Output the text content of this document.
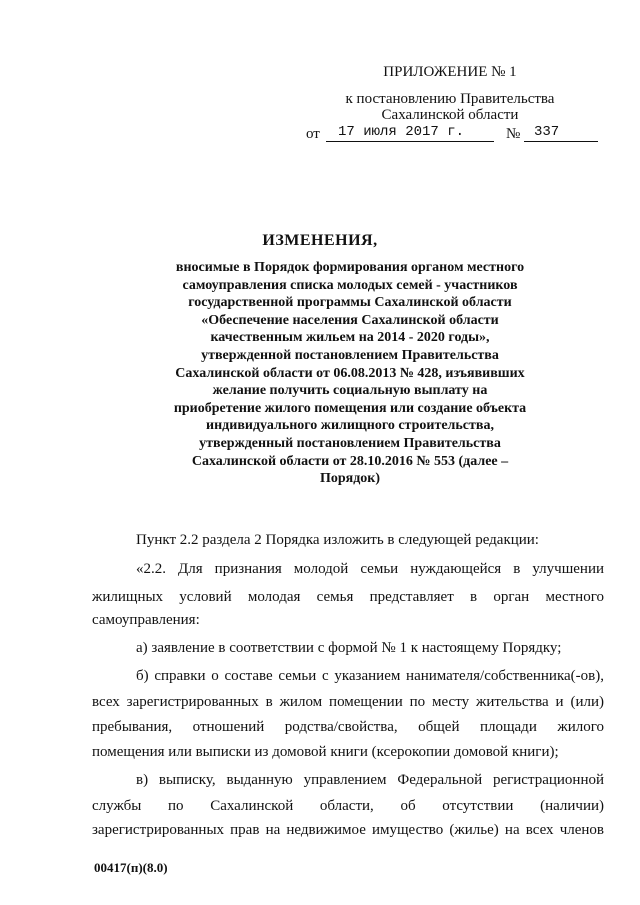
ПРИЛОЖЕНИЕ № 1
к постановлению Правительства
Сахалинской области
от	17 июля 2017 г.	№ 337
ИЗМЕНЕНИЯ,
вносимые в Порядок формирования органом местного
самоуправления списка молодых семей - участников
государственной программы Сахалинской области
«Обеспечение населения Сахалинской области
качественным жильем на 2014 - 2020 годы»,
утвержденной постановлением Правительства
Сахалинской области от 06.08.2013 № 428, изъявивших
желание получить социальную выплату на
приобретение жилого помещения или создание объекта
индивидуального жилищного строительства,
утвержденный постановлением Правительства
Сахалинской области от 28.10.2016 № 553 (далее –
Порядок)
Пункт 2.2 раздела 2 Порядка изложить в следующей редакции:
«2.2. Для признания молодой семьи нуждающейся в улучшении
жилищных условий молодая семья представляет в орган местного
самоуправления:
а) заявление в соответствии с формой № 1 к настоящему Порядку;
б) справки о составе семьи с указанием нанимателя/собственника(-ов),
всех зарегистрированных в жилом помещении по месту жительства и (или)
пребывания, отношений родства/свойства, общей площади жилого
помещения или выписки из домовой книги (ксерокопии домовой книги);
в) выписку, выданную управлением Федеральной регистрационной
службы по Сахалинской области, об отсутствии (наличии)
зарегистрированных прав на недвижимое имущество (жилье) на всех членов
00417(п)(8.0)
